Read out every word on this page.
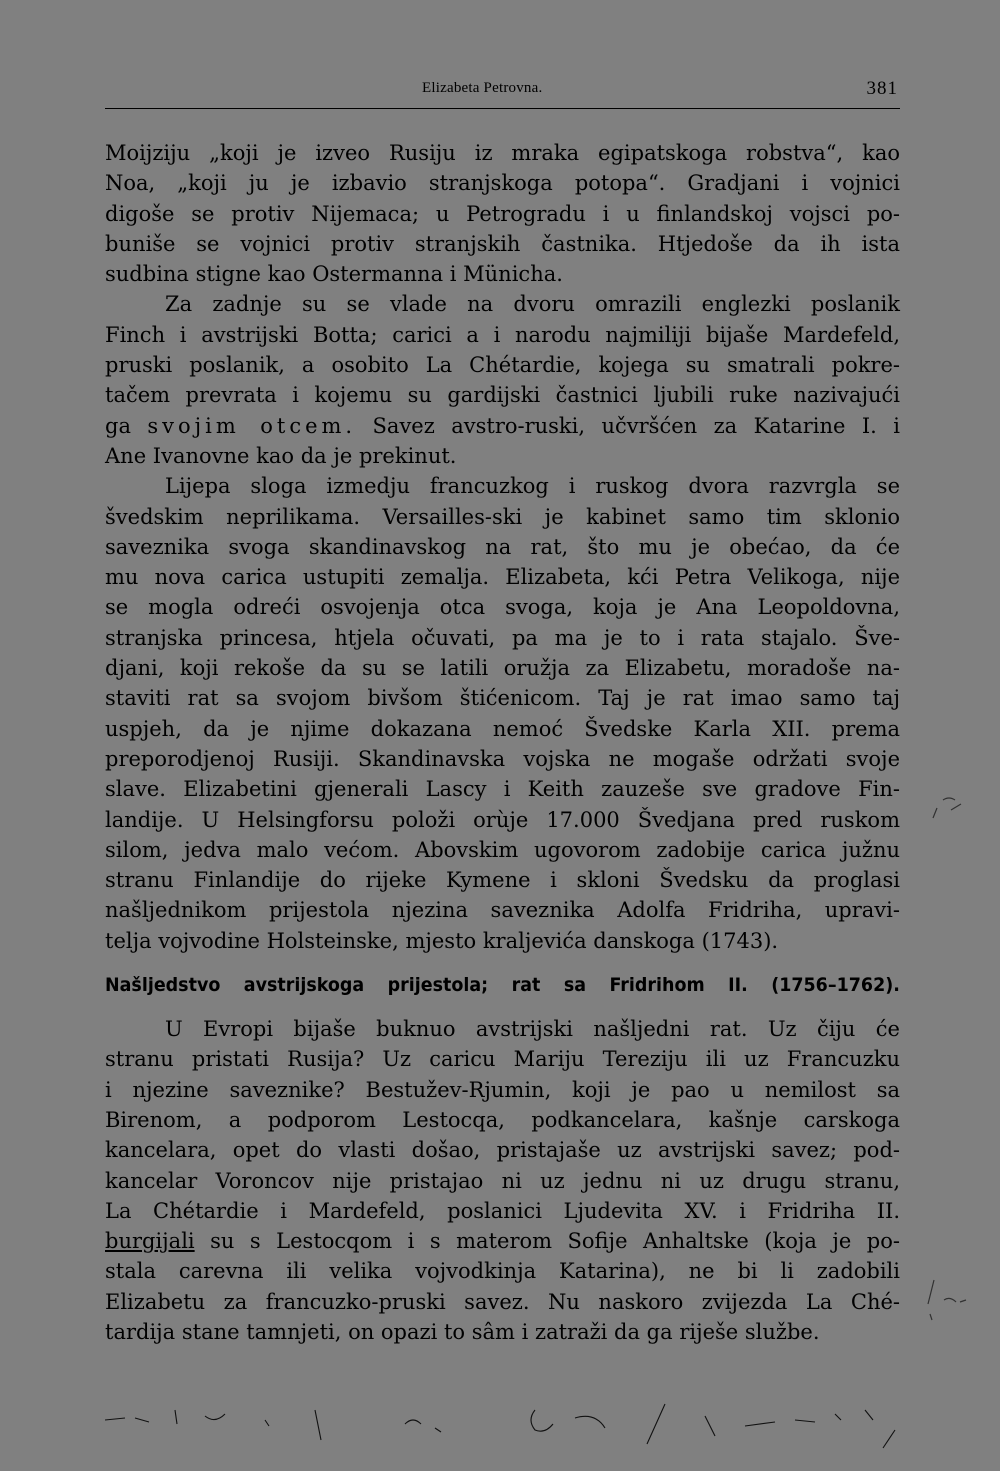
Elizabeta Petrovna.	381
Moijziju „koji je izveo Rusiju iz mraka egipatskoga robstva“, kao
Noa, „koji ju je izbavio stranjskoga potopa“. Gradjani i vojnici
digoše se protiv Nijemaca; u Petrogradu i u finlandskoj vojsci po-
buniše se vojnici protiv stranjskih častnika. Htjedoše da ih ista
sudbina stigne kao Ostermanna i Münicha.
Za zadnje su se vlade na dvoru omrazili englezki poslanik
Finch i avstrijski Botta; carici a i narodu najmiliji bijaše Mardefeld,
pruski poslanik, a osobito La Chétardie, kojega su smatrali pokre-
tačem prevrata i kojemu su gardijski častnici ljubili ruke nazivajući
ga svojim otcem. Savez avstro-ruski, učvršćen za Katarine I. i
Ane Ivanovne kao da je prekinut.
Lijepa sloga izmedju francuzkog i ruskog dvora razvrgla se
švedskim neprilikama. Versailles-ski je kabinet samo tim sklonio
saveznika svoga skandinavskog na rat, što mu je obećao, da će
mu nova carica ustupiti zemalja. Elizabeta, kći Petra Velikoga, nije
se mogla odreći osvojenja otca svoga, koja je Ana Leopoldovna,
stranjska princesa, htjela očuvati, pa ma je to i rata stajalo. Šve-
djani, koji rekoše da su se latili oružja za Elizabetu, moradoše na-
staviti rat sa svojom bivšom štićenicom. Taj je rat imao samo taj
uspjeh, da je njime dokazana nemoć Švedske Karla XII. prema
preporodjenoj Rusiji. Skandinavska vojska ne mogaše održati svoje
slave. Elizabetini gjenerali Lascy i Keith zauzeše sve gradove Fin-
landije. U Helsingforsu položi orùje 17.000 Švedjana pred ruskom
silom, jedva malo većom. Abovskim ugovorom zadobije carica južnu
stranu Finlandije do rijeke Kymene i skloni Švedsku da proglasi
našljednikom prijestola njezina saveznika Adolfa Fridriha, upravi-
telja vojvodine Holsteinske, mjesto kraljevića danskoga (1743).
Našljedstvo avstrijskoga prijestola; rat sa Fridrihom II. (1756–1762).
U Evropi bijaše buknuo avstrijski našljedni rat. Uz čiju će
stranu pristati Rusija? Uz caricu Mariju Tereziju ili uz Francuzku
i njezine saveznike? Bestužev-Rjumin, koji je pao u nemilost sa
Birenom, a podporom Lestocqa, podkancelara, kašnje carskoga
kancelara, opet do vlasti došao, pristajaše uz avstrijski savez; pod-
kancelar Voroncov nije pristajao ni uz jednu ni uz drugu stranu,
La Chétardie i Mardefeld, poslanici Ljudevita XV. i Fridriha II.
burgijali su s Lestocqom i s materom Sofije Anhaltske (koja je po-
stala carevna ili velika vojvodkinja Katarina), ne bi li zadobili
Elizabetu za francuzko-pruski savez. Nu naskoro zvijezda La Ché-
tardija stane tamnjeti, on opazi to sâm i zatraži da ga riješe službe.
